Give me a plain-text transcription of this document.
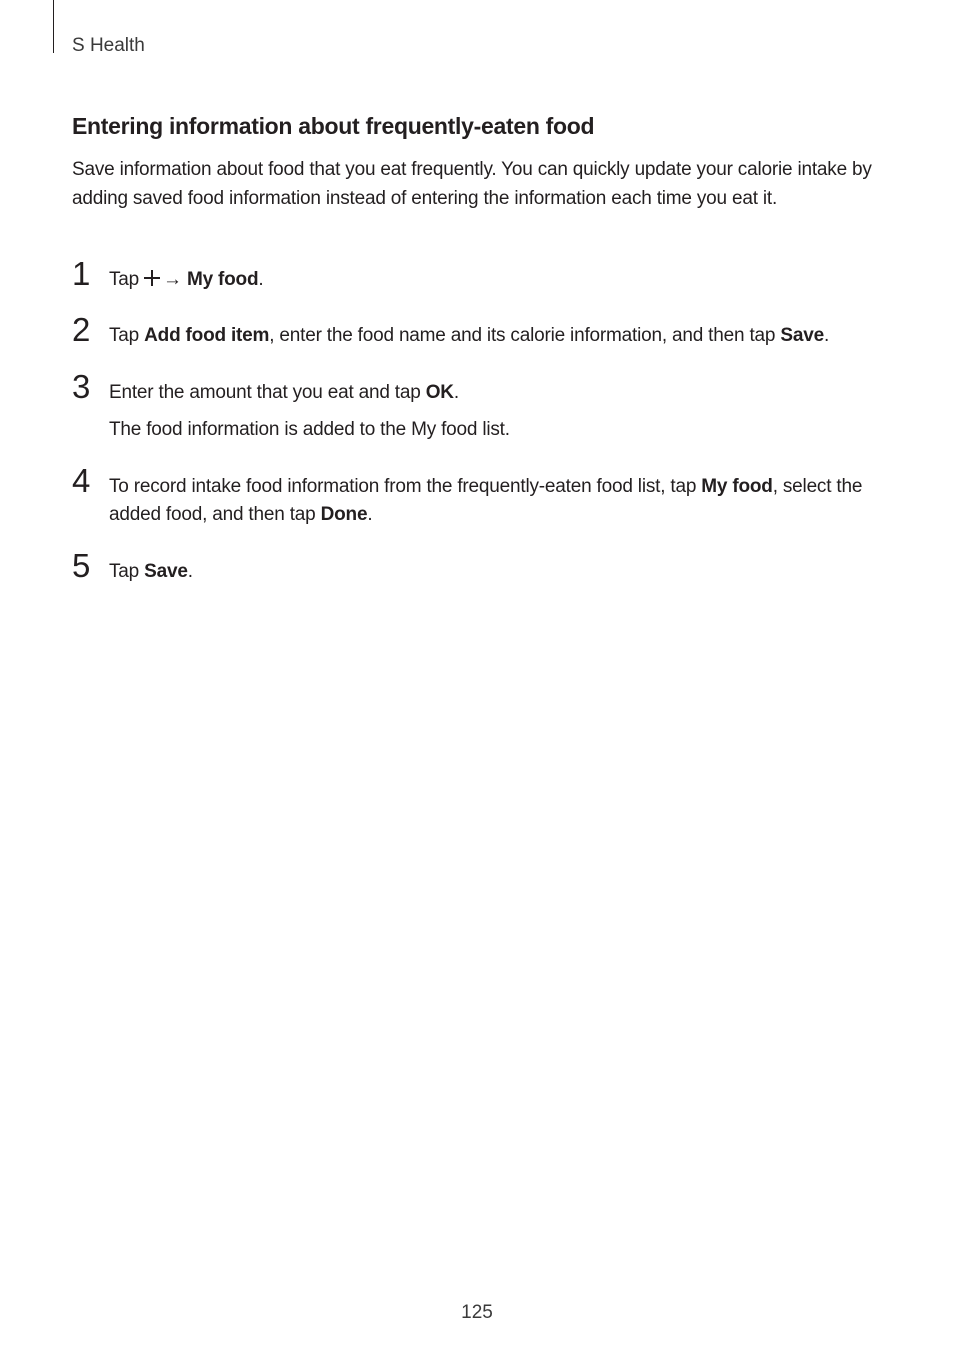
S Health
Entering information about frequently-eaten food

Save information about food that you eat frequently. You can quickly update your calorie intake by adding saved food information instead of entering the information each time you eat it.

1 Tap → My food.
2 Tap Add food item, enter the food name and its calorie information, and then tap Save.
3 Enter the amount that you eat and tap OK.
The food information is added to the My food list.
4 To record intake food information from the frequently-eaten food list, tap My food, select the added food, and then tap Done.
5 Tap Save.
125
